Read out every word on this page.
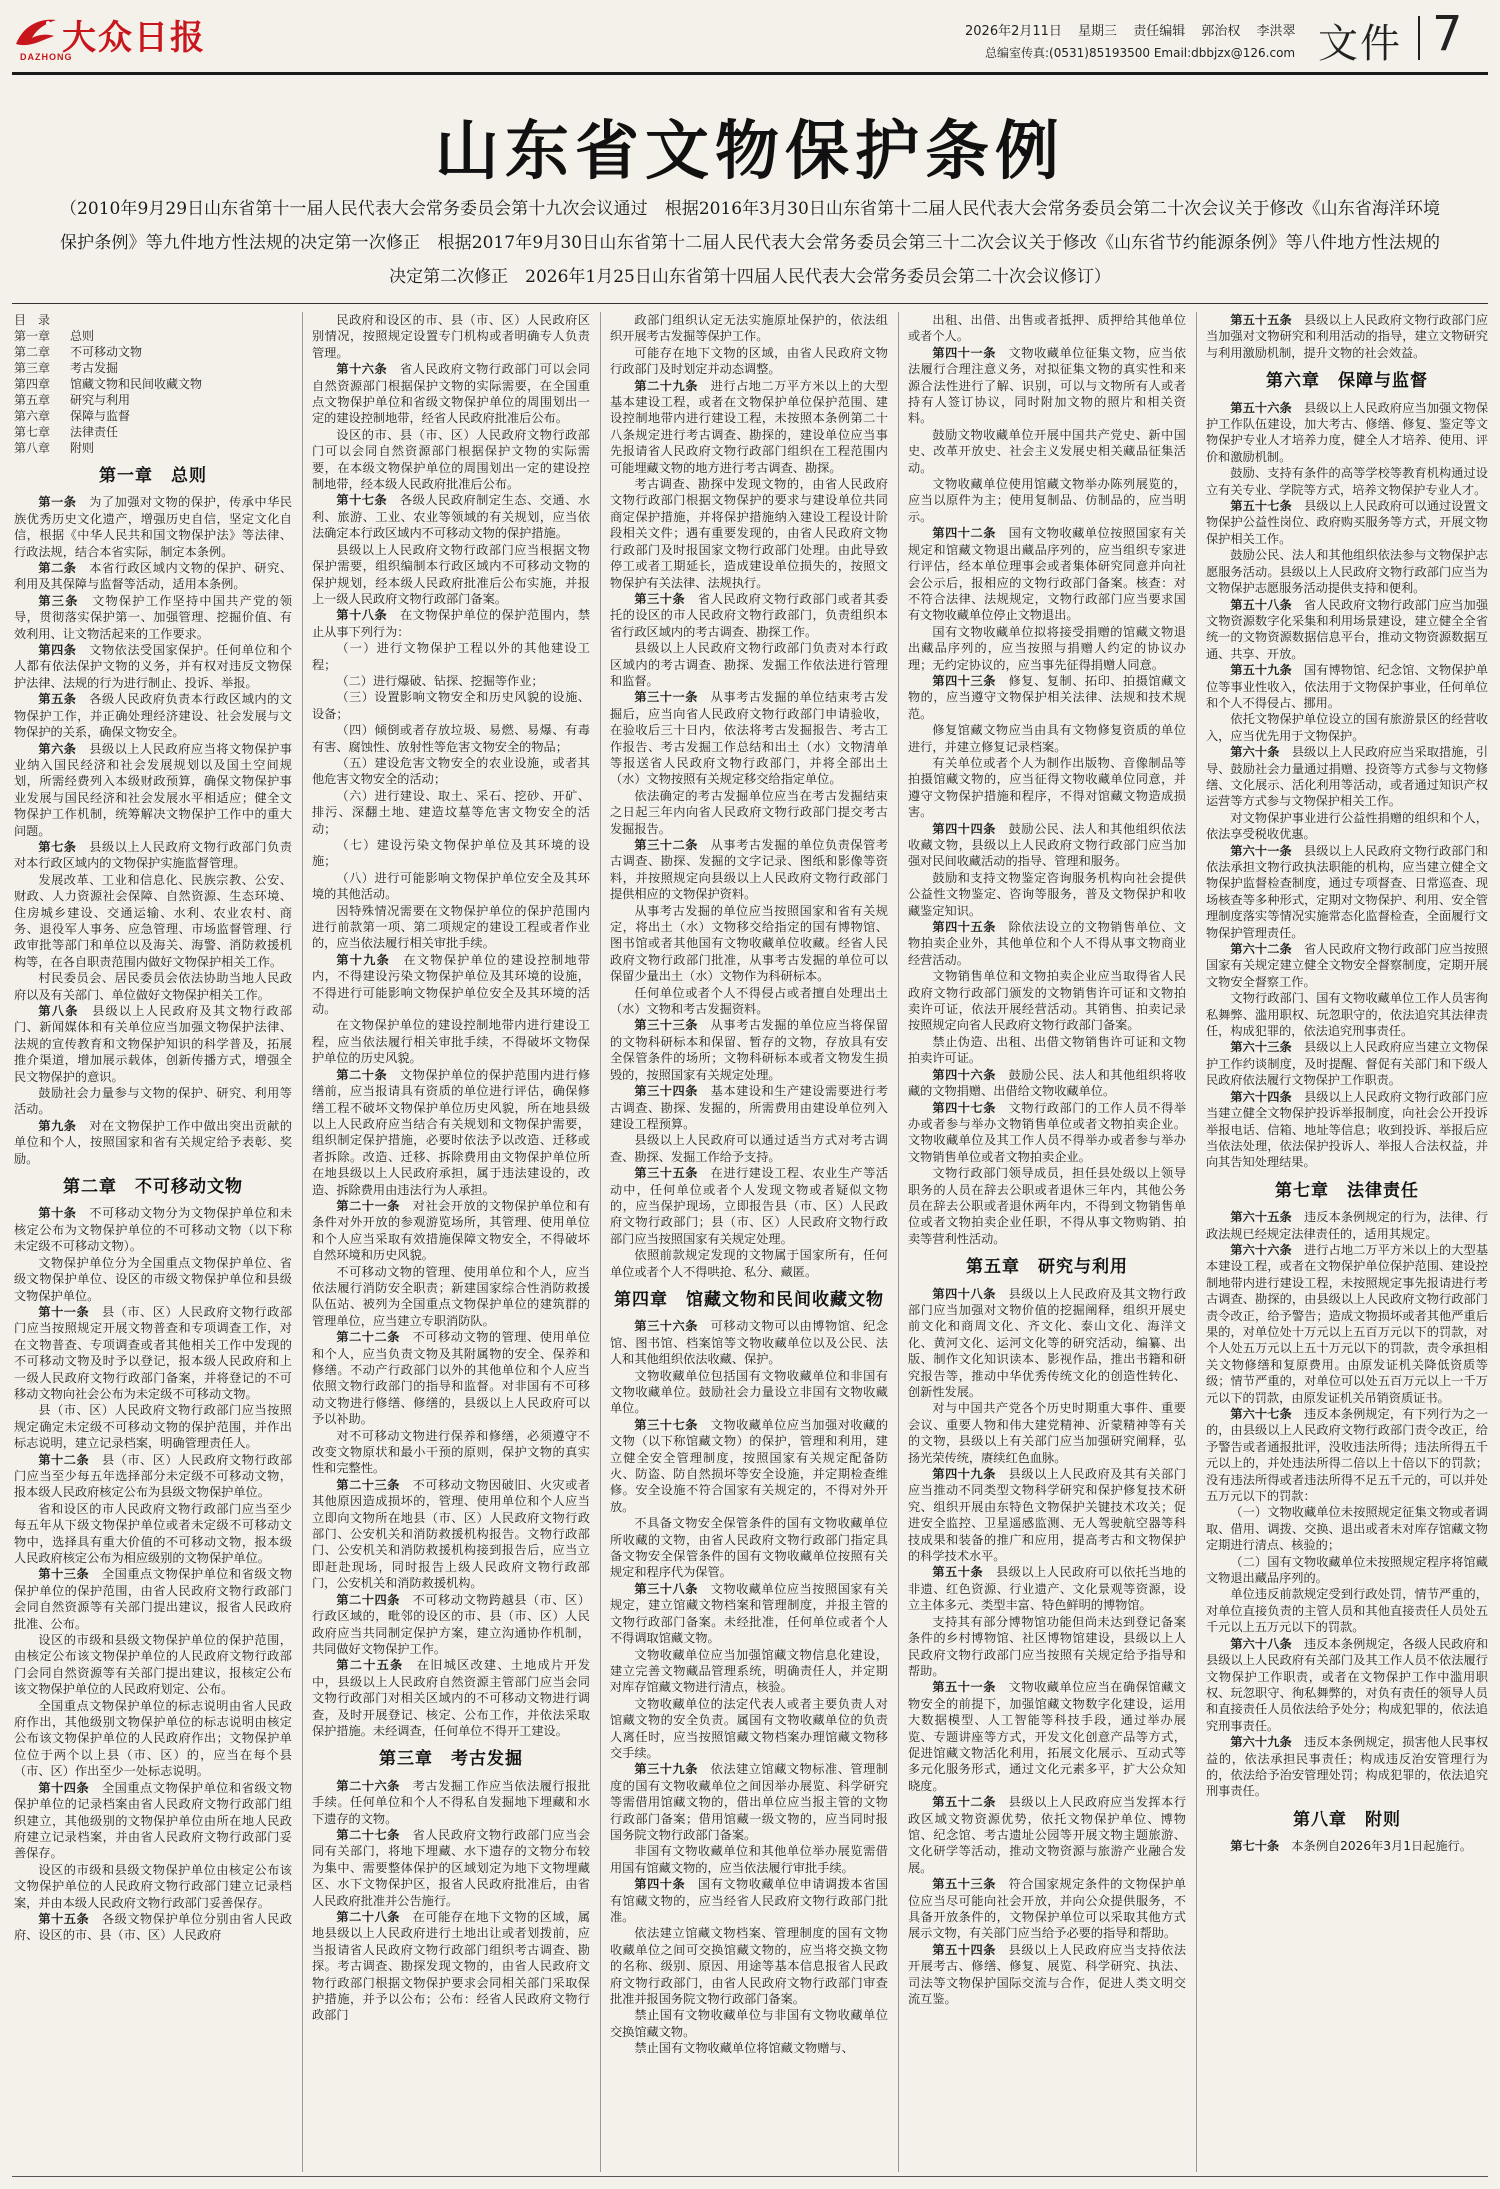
大众日报
DAZHONG
2026年2月11日 星期三 责任编辑 郭治权 李洪翠
总编室传真:(0531)85193500 Email:dbbjzx@126.com 文件 7
山东省文物保护条例
（2010年9月29日山东省第十一届人民代表大会常务委员会第十九次会议通过　根据2016年3月30日山东省第十二届人民代表大会常务委员会第二十次会议关于修改《山东省海洋环境保护条例》等九件地方性法规的决定第一次修正　根据2017年9月30日山东省第十二届人民代表大会常务委员会第三十二次会议关于修改《山东省节约能源条例》等八件地方性法规的决定第二次修正　2026年1月25日山东省第十四届人民代表大会常务委员会第二十次会议修订）
目　录
第一章 总则
第二章 不可移动文物
第三章 考古发掘
第四章 馆藏文物和民间收藏文物
第五章 研究与利用
第六章 保障与监督
第七章 法律责任
第八章 附则
第一章　总则

第一条　 为了加强对文物的保护，传承中华民族优秀历史文化遗产，增强历史自信，坚定文化自信，根据《中华人民共和国文物保护法》等法律、行政法规，结合本省实际，制定本条例。

第二条　 本省行政区域内文物的保护、研究、利用及其保障与监督等活动，适用本条例。

第三条　 文物保护工作坚持中国共产党的领导，贯彻落实保护第一、加强管理、挖掘价值、有效利用、让文物活起来的工作要求。

第四条　 文物依法受国家保护。任何单位和个人都有依法保护文物的义务，并有权对违反文物保护法律、法规的行为进行制止、投诉、举报。

第五条　 各级人民政府负责本行政区域内的文物保护工作，并正确处理经济建设、社会发展与文物保护的关系，确保文物安全。

第六条　 县级以上人民政府应当将文物保护事业纳入国民经济和社会发展规划以及国土空间规划，所需经费列入本级财政预算，确保文物保护事业发展与国民经济和社会发展水平相适应；健全文物保护工作机制，统筹解决文物保护工作中的重大问题。

第七条　 县级以上人民政府文物行政部门负责对本行政区域内的文物保护实施监督管理。

发展改革、工业和信息化、民族宗教、公安、财政、人力资源社会保障、自然资源、生态环境、住房城乡建设、交通运输、水利、农业农村、商务、退役军人事务、应急管理、市场监督管理、行政审批等部门和单位以及海关、海警、消防救援机构等，在各自职责范围内做好文物保护相关工作。

村民委员会、居民委员会依法协助当地人民政府以及有关部门、单位做好文物保护相关工作。

第八条　 县级以上人民政府及其文物行政部门、新闻媒体和有关单位应当加强文物保护法律、法规的宣传教育和文物保护知识的科学普及，拓展推介渠道，增加展示载体，创新传播方式，增强全民文物保护的意识。

鼓励社会力量参与文物的保护、研究、利用等活动。

第九条　 对在文物保护工作中做出突出贡献的单位和个人，按照国家和省有关规定给予表彰、奖励。

第二章　不可移动文物

第十条　 不可移动文物分为文物保护单位和未核定公布为文物保护单位的不可移动文物（以下称未定级不可移动文物）。

文物保护单位分为全国重点文物保护单位、省级文物保护单位、设区的市级文物保护单位和县级文物保护单位。

第十一条　 县（市、区）人民政府文物行政部门应当按照规定开展文物普查和专项调查工作，对在文物普查、专项调查或者其他相关工作中发现的不可移动文物及时予以登记，报本级人民政府和上一级人民政府文物行政部门备案，并将登记的不可移动文物向社会公布为未定级不可移动文物。

县（市、区）人民政府文物行政部门应当按照规定确定未定级不可移动文物的保护范围，并作出标志说明，建立记录档案，明确管理责任人。

第十二条　 县（市、区）人民政府文物行政部门应当至少每五年选择部分未定级不可移动文物，报本级人民政府核定公布为县级文物保护单位。

省和设区的市人民政府文物行政部门应当至少每五年从下级文物保护单位或者未定级不可移动文物中，选择具有重大价值的不可移动文物，报本级人民政府核定公布为相应级别的文物保护单位。

第十三条　 全国重点文物保护单位和省级文物保护单位的保护范围，由省人民政府文物行政部门会同自然资源等有关部门提出建议，报省人民政府批准、公布。

设区的市级和县级文物保护单位的保护范围，由核定公布该文物保护单位的人民政府文物行政部门会同自然资源等有关部门提出建议，报核定公布该文物保护单位的人民政府划定、公布。

全国重点文物保护单位的标志说明由省人民政府作出，其他级别文物保护单位的标志说明由核定公布该文物保护单位的人民政府作出；文物保护单位位于两个以上县（市、区）的，应当在每个县（市、区）作出至少一处标志说明。

第十四条　 全国重点文物保护单位和省级文物保护单位的记录档案由省人民政府文物行政部门组织建立，其他级别的文物保护单位由所在地人民政府建立记录档案，并由省人民政府文物行政部门妥善保存。

设区的市级和县级文物保护单位由核定公布该文物保护单位的人民政府文物行政部门建立记录档案，并由本级人民政府文物行政部门妥善保存。

第十五条　 各级文物保护单位分别由省人民政府、设区的市、县（市、区）人民政府

民政府和设区的市、县（市、区）人民政府区别情况，按照规定设置专门机构或者明确专人负责管理。

第十六条　 省人民政府文物行政部门可以会同自然资源部门根据保护文物的实际需要，在全国重点文物保护单位和省级文物保护单位的周围划出一定的建设控制地带，经省人民政府批准后公布。

设区的市、县（市、区）人民政府文物行政部门可以会同自然资源部门根据保护文物的实际需要，在本级文物保护单位的周围划出一定的建设控制地带，经本级人民政府批准后公布。

第十七条　 各级人民政府制定生态、交通、水利、旅游、工业、农业等领域的有关规划，应当依法确定本行政区域内不可移动文物的保护措施。

县级以上人民政府文物行政部门应当根据文物保护需要，组织编制本行政区域内不可移动文物的保护规划，经本级人民政府批准后公布实施，并报上一级人民政府文物行政部门备案。

第十八条　 在文物保护单位的保护范围内，禁止从事下列行为：

（一）进行文物保护工程以外的其他建设工程；

（二）进行爆破、钻探、挖掘等作业；

（三）设置影响文物安全和历史风貌的设施、设备；

（四）倾倒或者存放垃圾、易燃、易爆、有毒有害、腐蚀性、放射性等危害文物安全的物品；

（五）建设危害文物安全的农业设施，或者其他危害文物安全的活动；

（六）进行建设、取土、采石、挖砂、开矿、排污、深翻土地、建造坟墓等危害文物安全的活动；

（七）建设污染文物保护单位及其环境的设施；

（八）进行可能影响文物保护单位安全及其环境的其他活动。

因特殊情况需要在文物保护单位的保护范围内进行前款第一项、第二项规定的建设工程或者作业的，应当依法履行相关审批手续。

第十九条　 在文物保护单位的建设控制地带内，不得建设污染文物保护单位及其环境的设施，不得进行可能影响文物保护单位安全及其环境的活动。

在文物保护单位的建设控制地带内进行建设工程，应当依法履行相关审批手续，不得破坏文物保护单位的历史风貌。

第二十条　 文物保护单位的保护范围内进行修缮前，应当报请具有资质的单位进行评估，确保修缮工程不破坏文物保护单位历史风貌，所在地县级以上人民政府应当结合有关规划和文物保护需要，组织制定保护措施，必要时依法予以改造、迁移或者拆除。改造、迁移、拆除费用由文物保护单位所在地县级以上人民政府承担，属于违法建设的，改造、拆除费用由违法行为人承担。

第二十一条　 对社会开放的文物保护单位和有条件对外开放的参观游览场所，其管理、使用单位和个人应当采取有效措施保障文物安全，不得破坏自然环境和历史风貌。

不可移动文物的管理、使用单位和个人，应当依法履行消防安全职责；新建国家综合性消防救援队伍站、被列为全国重点文物保护单位的建筑群的管理单位，应当建立专职消防队。

第二十二条　 不可移动文物的管理、使用单位和个人，应当负责文物及其附属物的安全、保养和修缮。不动产行政部门以外的其他单位和个人应当依照文物行政部门的指导和监督。对非国有不可移动文物进行修缮、修缮的，县级以上人民政府可以予以补助。

对不可移动文物进行保养和修缮，必须遵守不改变文物原状和最小干预的原则，保护文物的真实性和完整性。

第二十三条　 不可移动文物因破旧、火灾或者其他原因造成损坏的，管理、使用单位和个人应当立即向文物所在地县（市、区）人民政府文物行政部门、公安机关和消防救援机构报告。文物行政部门、公安机关和消防救援机构接到报告后，应当立即赶赴现场，同时报告上级人民政府文物行政部门，公安机关和消防救援机构。

第二十四条　 不可移动文物跨越县（市、区）行政区域的，毗邻的设区的市、县（市、区）人民政府应当共同制定保护方案，建立沟通协作机制，共同做好文物保护工作。

第二十五条　 在旧城区改建、土地成片开发中，县级以上人民政府自然资源主管部门应当会同文物行政部门对相关区域内的不可移动文物进行调查，及时开展登记、核定、公布工作，并依法采取保护措施。未经调查，任何单位不得开工建设。

第三章　考古发掘

第二十六条　 考古发掘工作应当依法履行报批手续。任何单位和个人不得私自发掘地下埋藏和水下遗存的文物。

第二十七条　 省人民政府文物行政部门应当会同有关部门，将地下埋藏、水下遗存的文物分布较为集中、需要整体保护的区域划定为地下文物埋藏区、水下文物保护区，报省人民政府批准后，由省人民政府批准并公告施行。

第二十八条　 在可能存在地下文物的区域，属地县级以上人民政府进行土地出让或者划拨前，应当报请省人民政府文物行政部门组织考古调查、勘探。考古调查、勘探发现文物的，由省人民政府文物行政部门根据文物保护要求会同相关部门采取保护措施，并予以公布；公布：经省人民政府文物行政部门

政部门组织认定无法实施原址保护的，依法组织开展考古发掘等保护工作。

可能存在地下文物的区域，由省人民政府文物行政部门及时划定并动态调整。

第二十九条　 进行占地二万平方米以上的大型基本建设工程，或者在文物保护单位保护范围、建设控制地带内进行建设工程，未按照本条例第二十八条规定进行考古调查、勘探的，建设单位应当事先报请省人民政府文物行政部门组织在工程范围内可能埋藏文物的地方进行考古调查、勘探。

考古调查、勘探中发现文物的，由省人民政府文物行政部门根据文物保护的要求与建设单位共同商定保护措施，并将保护措施纳入建设工程设计阶段相关文件；遇有重要发现的，由省人民政府文物行政部门及时报国家文物行政部门处理。由此导致停工或者工期延长，造成建设单位损失的，按照文物保护有关法律、法规执行。

第三十条　 省人民政府文物行政部门或者其委托的设区的市人民政府文物行政部门，负责组织本省行政区域内的考古调查、勘探工作。

县级以上人民政府文物行政部门负责对本行政区域内的考古调查、勘探、发掘工作依法进行管理和监督。

第三十一条　 从事考古发掘的单位结束考古发掘后，应当向省人民政府文物行政部门申请验收，在验收后三十日内，依法将考古发掘报告、考古工作报告、考古发掘工作总结和出土（水）文物清单等报送省人民政府文物行政部门，并将全部出土（水）文物按照有关规定移交给指定单位。

依法确定的考古发掘单位应当在考古发掘结束之日起三年内向省人民政府文物行政部门提交考古发掘报告。

第三十二条　 从事考古发掘的单位负责保管考古调查、勘探、发掘的文字记录、图纸和影像等资料，并按照规定向县级以上人民政府文物行政部门提供相应的文物保护资料。

从事考古发掘的单位应当按照国家和省有关规定，将出土（水）文物移交给指定的国有博物馆、图书馆或者其他国有文物收藏单位收藏。经省人民政府文物行政部门批准，从事考古发掘的单位可以保留少量出土（水）文物作为科研标本。

任何单位或者个人不得侵占或者擅自处理出土（水）文物和考古发掘资料。

第三十三条　 从事考古发掘的单位应当将保留的文物科研标本和保留、暂存的文物，存放具有安全保管条件的场所；文物科研标本或者文物发生损毁的，按照国家有关规定处理。

第三十四条　 基本建设和生产建设需要进行考古调查、勘探、发掘的，所需费用由建设单位列入建设工程预算。

县级以上人民政府可以通过适当方式对考古调查、勘探、发掘工作给予支持。

第三十五条　 在进行建设工程、农业生产等活动中，任何单位或者个人发现文物或者疑似文物的，应当保护现场，立即报告县（市、区）人民政府文物行政部门；县（市、区）人民政府文物行政部门应当按照国家有关规定处理。

依照前款规定发现的文物属于国家所有，任何单位或者个人不得哄抢、私分、藏匿。

第四章　馆藏文物和民间收藏文物

第三十六条　 可移动文物可以由博物馆、纪念馆、图书馆、档案馆等文物收藏单位以及公民、法人和其他组织依法收藏、保护。

文物收藏单位包括国有文物收藏单位和非国有文物收藏单位。鼓励社会力量设立非国有文物收藏单位。

第三十七条　 文物收藏单位应当加强对收藏的文物（以下称馆藏文物）的保护，管理和利用，建立健全安全管理制度，按照国家有关规定配备防火、防盗、防自然损坏等安全设施，并定期检查维修。安全设施不符合国家有关规定的，不得对外开放。

不具备文物安全保管条件的国有文物收藏单位所收藏的文物，由省人民政府文物行政部门指定具备文物安全保管条件的国有文物收藏单位按照有关规定和程序代为保管。

第三十八条　 文物收藏单位应当按照国家有关规定，建立馆藏文物档案和管理制度，并报主管的文物行政部门备案。未经批准，任何单位或者个人不得调取馆藏文物。

文物收藏单位应当加强馆藏文物信息化建设，建立完善文物藏品管理系统，明确责任人，并定期对库存馆藏文物进行清点，核验。

文物收藏单位的法定代表人或者主要负责人对馆藏文物的安全负责。属国有文物收藏单位的负责人离任时，应当按照馆藏文物档案办理馆藏文物移交手续。

第三十九条　 依法建立馆藏文物标准、管理制度的国有文物收藏单位之间因举办展览、科学研究等需借用馆藏文物的，借出单位应当报主管的文物行政部门备案；借用馆藏一级文物的，应当同时报国务院文物行政部门备案。

非国有文物收藏单位和其他单位举办展览需借用国有馆藏文物的，应当依法履行审批手续。

第四十条　 国有文物收藏单位申请调拨本省国有馆藏文物的，应当经省人民政府文物行政部门批准。

依法建立馆藏文物档案、管理制度的国有文物收藏单位之间可交换馆藏文物的，应当将交换文物的名称、级别、原因、用途等基本信息报省人民政府文物行政部门，由省人民政府文物行政部门审查批准并报国务院文物行政部门备案。

禁止国有文物收藏单位与非国有文物收藏单位交换馆藏文物。

禁止国有文物收藏单位将馆藏文物赠与、

出租、出借、出售或者抵押、质押给其他单位或者个人。

第四十一条　 文物收藏单位征集文物，应当依法履行合理注意义务，对拟征集文物的真实性和来源合法性进行了解、识别，可以与文物所有人或者持有人签订协议，同时附加文物的照片和相关资料。

鼓励文物收藏单位开展中国共产党史、新中国史、改革开放史、社会主义发展史相关藏品征集活动。

文物收藏单位使用馆藏文物举办陈列展览的，应当以原件为主；使用复制品、仿制品的，应当明示。

第四十二条　 国有文物收藏单位按照国家有关规定和馆藏文物退出藏品序列的，应当组织专家进行评估，经本单位理事会或者集体研究同意并向社会公示后，报相应的文物行政部门备案。核查：对不符合法律、法规规定，文物行政部门应当要求国有文物收藏单位停止文物退出。

国有文物收藏单位拟将接受捐赠的馆藏文物退出藏品序列的，应当按照与捐赠人约定的协议办理；无约定协议的，应当事先征得捐赠人同意。

第四十三条　 修复、复制、拓印、拍摄馆藏文物的，应当遵守文物保护相关法律、法规和技术规范。

修复馆藏文物应当由具有文物修复资质的单位进行，并建立修复记录档案。

有关单位或者个人为制作出版物、音像制品等拍摄馆藏文物的，应当征得文物收藏单位同意，并遵守文物保护措施和程序，不得对馆藏文物造成损害。

第四十四条　 鼓励公民、法人和其他组织依法收藏文物，县级以上人民政府文物行政部门应当加强对民间收藏活动的指导、管理和服务。

鼓励和支持文物鉴定咨询服务机构向社会提供公益性文物鉴定、咨询等服务，普及文物保护和收藏鉴定知识。

第四十五条　 除依法设立的文物销售单位、文物拍卖企业外，其他单位和个人不得从事文物商业经营活动。

文物销售单位和文物拍卖企业应当取得省人民政府文物行政部门颁发的文物销售许可证和文物拍卖许可证，依法开展经营活动。其销售、拍卖记录按照规定向省人民政府文物行政部门备案。

禁止伪造、出租、出借文物销售许可证和文物拍卖许可证。

第四十六条　 鼓励公民、法人和其他组织将收藏的文物捐赠、出借给文物收藏单位。

第四十七条　 文物行政部门的工作人员不得举办或者参与举办文物销售单位或者文物拍卖企业。文物收藏单位及其工作人员不得举办或者参与举办文物销售单位或者文物拍卖企业。

文物行政部门领导成员，担任县处级以上领导职务的人员在辞去公职或者退休三年内，其他公务员在辞去公职或者退休两年内，不得到文物销售单位或者文物拍卖企业任职，不得从事文物购销、拍卖等营利性活动。

第五章　研究与利用

第四十八条　 县级以上人民政府及其文物行政部门应当加强对文物价值的挖掘阐释，组织开展史前文化和商周文化、齐文化、泰山文化、海洋文化、黄河文化、运河文化等的研究活动，编纂、出版、制作文化知识读本、影视作品，推出书籍和研究报告等，推动中华优秀传统文化的创造性转化、创新性发展。

对与中国共产党各个历史时期重大事件、重要会议、重要人物和伟大建党精神、沂蒙精神等有关的文物，县级以上有关部门应当加强研究阐释，弘扬光荣传统，赓续红色血脉。

第四十九条　 县级以上人民政府及其有关部门应当推动不同类型文物科学研究和保护修复技术研究、组织开展由东特色文物保护关键技术攻关；促进安全监控、卫星遥感监测、无人驾驶航空器等科技成果和装备的推广和应用，提高考古和文物保护的科学技术水平。

第五十条　 县级以上人民政府可以依托当地的非遗、红色资源、行业遗产、文化景观等资源，设立主体多元、类型丰富、特色鲜明的博物馆。

支持其有部分博物馆功能但尚未达到登记备案条件的乡村博物馆、社区博物馆建设，县级以上人民政府文物行政部门应当按照有关规定给予指导和帮助。

第五十一条　 文物收藏单位应当在确保馆藏文物安全的前提下，加强馆藏文物数字化建设，运用大数据模型、人工智能等科技手段，通过举办展览、专题讲座等方式，开发文化创意产品等方式，促进馆藏文物活化利用，拓展文化展示、互动式等多元化服务形式，通过文化元素多平，扩大公众知晓度。

第五十二条　 县级以上人民政府应当发挥本行政区域文物资源优势，依托文物保护单位、博物馆、纪念馆、考古遗址公园等开展文物主题旅游、文化研学等活动，推动文物资源与旅游产业融合发展。

第五十三条　 符合国家规定条件的文物保护单位应当尽可能向社会开放，并向公众提供服务，不具备开放条件的，文物保护单位可以采取其他方式展示文物，有关部门应当给予必要的指导和帮助。

第五十四条　 县级以上人民政府应当支持依法开展考古、修缮、修复、展览、科学研究、执法、司法等文物保护国际交流与合作，促进人类文明交流互鉴。

第五十五条　 县级以上人民政府文物行政部门应当加强对文物研究和利用活动的指导，建立文物研究与利用激励机制，提升文物的社会效益。

第六章　保障与监督

第五十六条　 县级以上人民政府应当加强文物保护工作队伍建设，加大考古、修缮、修复、鉴定等文物保护专业人才培养力度，健全人才培养、使用、评价和激励机制。

鼓励、支持有条件的高等学校等教育机构通过设立有关专业、学院等方式，培养文物保护专业人才。

第五十七条　 县级以上人民政府可以通过设置文物保护公益性岗位、政府购买服务等方式，开展文物保护相关工作。

鼓励公民、法人和其他组织依法参与文物保护志愿服务活动。县级以上人民政府文物行政部门应当为文物保护志愿服务活动提供支持和便利。

第五十八条　 省人民政府文物行政部门应当加强文物资源数字化采集和利用场景建设，建立健全全省统一的文物资源数据信息平台，推动文物资源数据互通、共享、开放。

第五十九条　 国有博物馆、纪念馆、文物保护单位等事业性收入，依法用于文物保护事业，任何单位和个人不得侵占、挪用。

依托文物保护单位设立的国有旅游景区的经营收入，应当优先用于文物保护。

第六十条　 县级以上人民政府应当采取措施，引导、鼓励社会力量通过捐赠、投资等方式参与文物修缮、文化展示、活化利用等活动，或者通过知识产权运营等方式参与文物保护相关工作。

对文物保护事业进行公益性捐赠的组织和个人，依法享受税收优惠。

第六十一条　 县级以上人民政府文物行政部门和依法承担文物行政执法职能的机构，应当建立健全文物保护监督检查制度，通过专项督查、日常巡查、现场核查等多种形式，定期对文物保护、利用、安全管理制度落实等情况实施常态化监督检查，全面履行文物保护管理责任。

第六十二条　 省人民政府文物行政部门应当按照国家有关规定建立健全文物安全督察制度，定期开展文物安全督察工作。

文物行政部门、国有文物收藏单位工作人员害徇私舞弊、滥用职权、玩忽职守的，依法追究其法律责任，构成犯罪的，依法追究刑事责任。

第六十三条　 县级以上人民政府应当建立文物保护工作约谈制度，及时提醒、督促有关部门和下级人民政府依法履行文物保护工作职责。

第六十四条　 县级以上人民政府文物行政部门应当建立健全文物保护投诉举报制度，向社会公开投诉举报电话、信箱、地址等信息；收到投诉、举报后应当依法处理，依法保护投诉人、举报人合法权益，并向其告知处理结果。

第七章　法律责任

第六十五条　 违反本条例规定的行为，法律、行政法规已经规定法律责任的，适用其规定。

第六十六条　 进行占地二万平方米以上的大型基本建设工程，或者在文物保护单位保护范围、建设控制地带内进行建设工程，未按照规定事先报请进行考古调查、勘探的，由县级以上人民政府文物行政部门责令改正，给予警告；造成文物损坏或者其他严重后果的，对单位处十万元以上五百万元以下的罚款，对个人处五万元以上五十万元以下的罚款，责令承担相关文物修缮和复原费用。由原发证机关降低资质等级；情节严重的，对单位可以处五百万元以上一千万元以下的罚款，由原发证机关吊销资质证书。

第六十七条　 违反本条例规定，有下列行为之一的，由县级以上人民政府文物行政部门责令改正，给予警告或者通报批评，没收违法所得；违法所得五千元以上的，并处违法所得二倍以上十倍以下的罚款；没有违法所得或者违法所得不足五千元的，可以并处五万元以下的罚款：

（一）文物收藏单位未按照规定征集文物或者调取、借用、调拨、交换、退出或者未对库存馆藏文物定期进行清点、核验的；

（二）国有文物收藏单位未按照规定程序将馆藏文物退出藏品序列的。

单位违反前款规定受到行政处罚，情节严重的，对单位直接负责的主管人员和其他直接责任人员处五千元以上五万元以下的罚款。

第六十八条　 违反本条例规定，各级人民政府和县级以上人民政府有关部门及其工作人员不依法履行文物保护工作职责，或者在文物保护工作中滥用职权、玩忽职守、徇私舞弊的，对负有责任的领导人员和直接责任人员依法给予处分；构成犯罪的，依法追究刑事责任。

第六十九条　 违反本条例规定，损害他人民事权益的，依法承担民事责任；构成违反治安管理行为的，依法给予治安管理处罚；构成犯罪的，依法追究刑事责任。

第八章　附则

第七十条　 本条例自2026年3月1日起施行。
